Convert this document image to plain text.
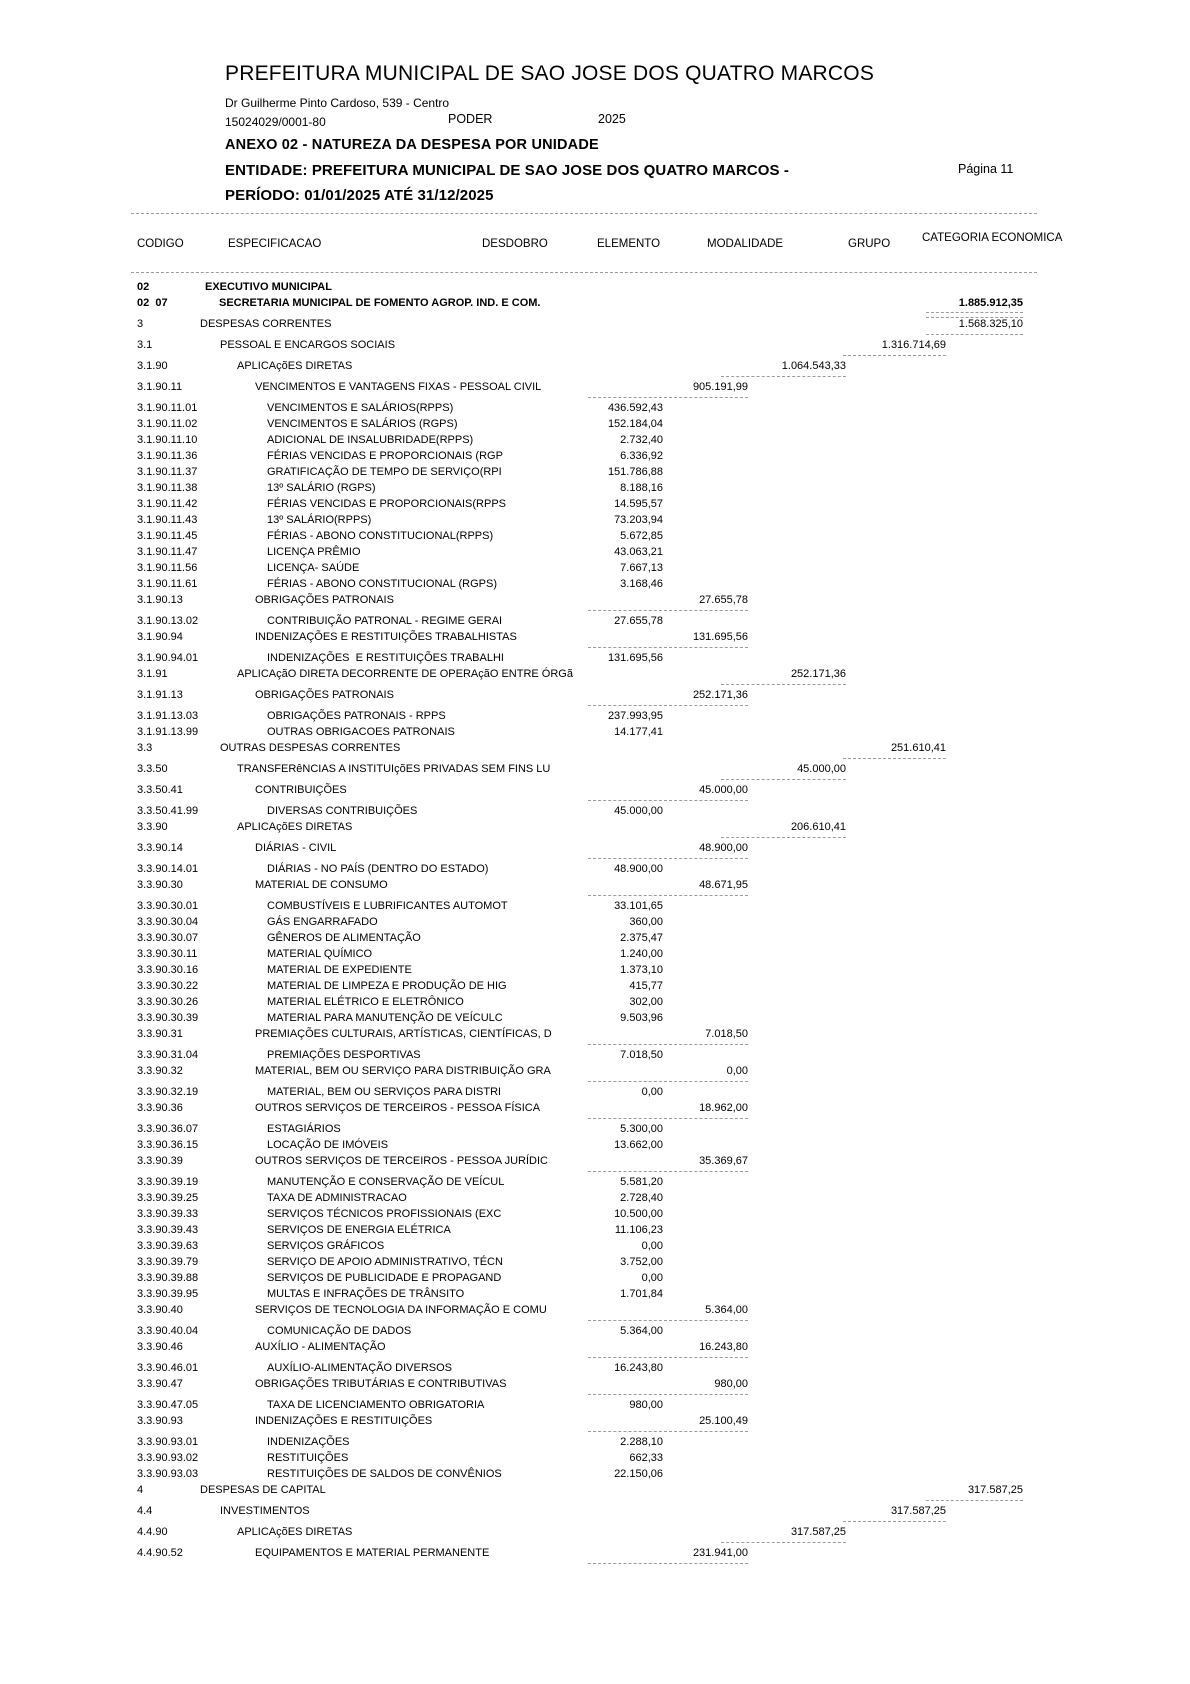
PREFEITURA MUNICIPAL DE SAO JOSE DOS QUATRO MARCOS
Dr Guilherme Pinto Cardoso, 539 - Centro
15024029/0001-80	PODER	2025
ANEXO 02 - NATUREZA DA DESPESA POR UNIDADE
ENTIDADE: PREFEITURA MUNICIPAL DE SAO JOSE DOS QUATRO MARCOS - PERÍODO: 01/01/2025 ATÉ 31/12/2025
Página 11
CODIGO	ESPECIFICACAO	DESDOBRO	ELEMENTO	MODALIDADE	GRUPO	CATEGORIA ECONOMICA
02	EXECUTIVO MUNICIPAL
02  07	SECRETARIA MUNICIPAL DE FOMENTO AGROP. IND. E COM.	1.885.912,35
3	DESPESAS CORRENTES	1.568.325,10
3.1	PESSOAL E ENCARGOS SOCIAIS	1.316.714,69
3.1.90	APLICAçõES DIRETAS	1.064.543,33
3.1.90.11	VENCIMENTOS E VANTAGENS FIXAS - PESSOAL CIVIL	905.191,99
3.1.90.11.01	VENCIMENTOS E SALÁRIOS(RPPS)	436.592,43
3.1.90.11.02	VENCIMENTOS E SALÁRIOS (RGPS)	152.184,04
3.1.90.11.10	ADICIONAL DE INSALUBRIDADE(RPPS)	2.732,40
3.1.90.11.36	FÉRIAS VENCIDAS E PROPORCIONAIS (RGP	6.336,92
3.1.90.11.37	GRATIFICAÇÃO DE TEMPO DE SERVIÇO(RPI	151.786,88
3.1.90.11.38	13º SALÁRIO (RGPS)	8.188,16
3.1.90.11.42	FÉRIAS VENCIDAS E PROPORCIONAIS(RPPS	14.595,57
3.1.90.11.43	13º SALÁRIO(RPPS)	73.203,94
3.1.90.11.45	FÉRIAS - ABONO CONSTITUCIONAL(RPPS)	5.672,85
3.1.90.11.47	LICENÇA PRÊMIO	43.063,21
3.1.90.11.56	LICENÇA- SAÚDE	7.667,13
3.1.90.11.61	FÉRIAS - ABONO CONSTITUCIONAL (RGPS)	3.168,46
3.1.90.13	OBRIGAÇÕES PATRONAIS	27.655,78
3.1.90.13.02	CONTRIBUIÇÃO PATRONAL - REGIME GERAI	27.655,78
3.1.90.94	INDENIZAÇÕES E RESTITUIÇÕES TRABALHISTAS	131.695,56
3.1.90.94.01	INDENIZAÇÕES  E RESTITUIÇÕES TRABALHI	131.695,56
3.1.91	APLICAçãO DIRETA DECORRENTE DE OPERAçãO ENTRE ÓRGã	252.171,36
3.1.91.13	OBRIGAÇÕES PATRONAIS	252.171,36
3.1.91.13.03	OBRIGAÇÕES PATRONAIS - RPPS	237.993,95
3.1.91.13.99	OUTRAS OBRIGACOES PATRONAIS	14.177,41
3.3	OUTRAS DESPESAS CORRENTES	251.610,41
3.3.50	TRANSFERêNCIAS A INSTITUIçõES PRIVADAS SEM FINS LU	45.000,00
3.3.50.41	CONTRIBUIÇÕES	45.000,00
3.3.50.41.99	DIVERSAS CONTRIBUIÇÕES	45.000,00
3.3.90	APLICAçõES DIRETAS	206.610,41
3.3.90.14	DIÁRIAS - CIVIL	48.900,00
3.3.90.14.01	DIÁRIAS - NO PAÍS (DENTRO DO ESTADO)	48.900,00
3.3.90.30	MATERIAL DE CONSUMO	48.671,95
3.3.90.30.01	COMBUSTÍVEIS E LUBRIFICANTES AUTOMOT	33.101,65
3.3.90.30.04	GÁS ENGARRAFADO	360,00
3.3.90.30.07	GÊNEROS DE ALIMENTAÇÃO	2.375,47
3.3.90.30.11	MATERIAL QUÍMICO	1.240,00
3.3.90.30.16	MATERIAL DE EXPEDIENTE	1.373,10
3.3.90.30.22	MATERIAL DE LIMPEZA E PRODUÇÃO DE HIG	415,77
3.3.90.30.26	MATERIAL ELÉTRICO E ELETRÔNICO	302,00
3.3.90.30.39	MATERIAL PARA MANUTENÇÃO DE VEÍCULC	9.503,96
3.3.90.31	PREMIAÇÕES CULTURAIS, ARTÍSTICAS, CIENTÍFICAS, D	7.018,50
3.3.90.31.04	PREMIAÇÕES DESPORTIVAS	7.018,50
3.3.90.32	MATERIAL, BEM OU SERVIÇO PARA DISTRIBUIÇÃO GRA	0,00
3.3.90.32.19	MATERIAL, BEM OU SERVIÇOS PARA DISTRI	0,00
3.3.90.36	OUTROS SERVIÇOS DE TERCEIROS - PESSOA FÍSICA	18.962,00
3.3.90.36.07	ESTAGIÁRIOS	5.300,00
3.3.90.36.15	LOCAÇÃO DE IMÓVEIS	13.662,00
3.3.90.39	OUTROS SERVIÇOS DE TERCEIROS - PESSOA JURÍDIC	35.369,67
3.3.90.39.19	MANUTENÇÃO E CONSERVAÇÃO DE VEÍCUL	5.581,20
3.3.90.39.25	TAXA DE ADMINISTRACAO	2.728,40
3.3.90.39.33	SERVIÇOS TÉCNICOS PROFISSIONAIS (EXC	10.500,00
3.3.90.39.43	SERVIÇOS DE ENERGIA ELÉTRICA	11.106,23
3.3.90.39.63	SERVIÇOS GRÁFICOS	0,00
3.3.90.39.79	SERVIÇO DE APOIO ADMINISTRATIVO, TÉCN	3.752,00
3.3.90.39.88	SERVIÇOS DE PUBLICIDADE E PROPAGAND	0,00
3.3.90.39.95	MULTAS E INFRAÇÕES DE TRÂNSITO	1.701,84
3.3.90.40	SERVIÇOS DE TECNOLOGIA DA INFORMAÇÃO E COMU	5.364,00
3.3.90.40.04	COMUNICAÇÃO DE DADOS	5.364,00
3.3.90.46	AUXÍLIO - ALIMENTAÇÃO	16.243,80
3.3.90.46.01	AUXÍLIO-ALIMENTAÇÃO DIVERSOS	16.243,80
3.3.90.47	OBRIGAÇÕES TRIBUTÁRIAS E CONTRIBUTIVAS	980,00
3.3.90.47.05	TAXA DE LICENCIAMENTO OBRIGATORIA	980,00
3.3.90.93	INDENIZAÇÕES E RESTITUIÇÕES	25.100,49
3.3.90.93.01	INDENIZAÇÕES	2.288,10
3.3.90.93.02	RESTITUIÇÕES	662,33
3.3.90.93.03	RESTITUIÇÕES DE SALDOS DE CONVÊNIOS	22.150,06
4	DESPESAS DE CAPITAL	317.587,25
4.4	INVESTIMENTOS	317.587,25
4.4.90	APLICAçõES DIRETAS	317.587,25
4.4.90.52	EQUIPAMENTOS E MATERIAL PERMANENTE	231.941,00
